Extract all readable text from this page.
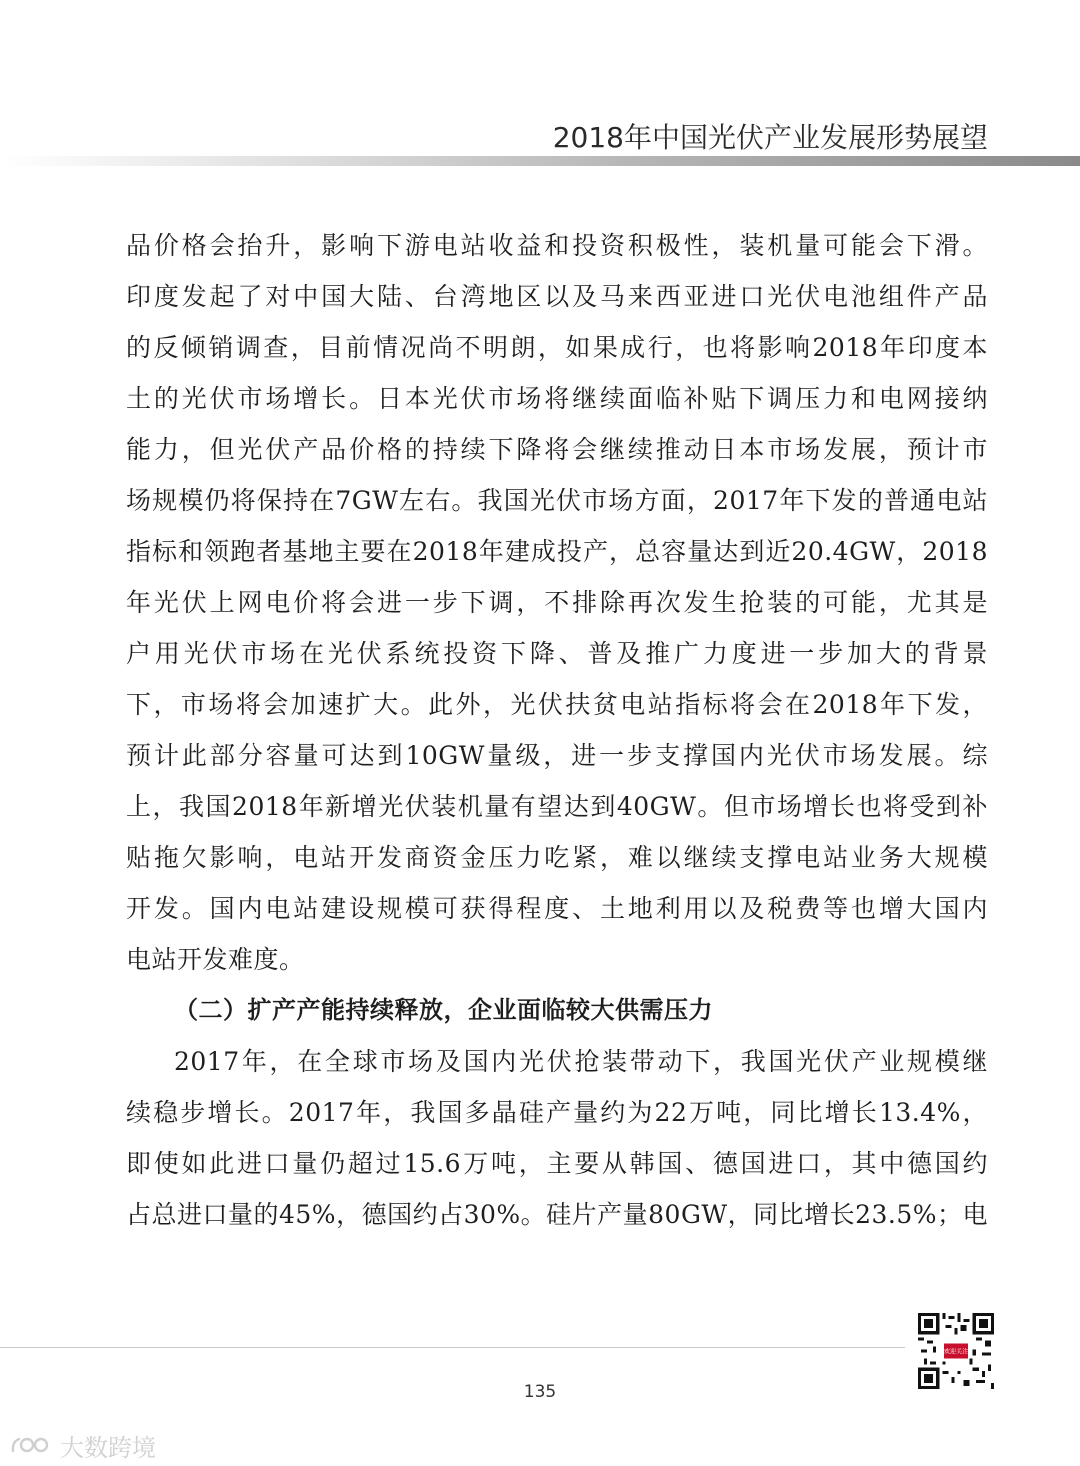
2018年中国光伏产业发展形势展望
品价格会抬升，影响下游电站收益和投资积极性，装机量可能会下滑。
印度发起了对中国大陆、台湾地区以及马来西亚进口光伏电池组件产品
的反倾销调查，目前情况尚不明朗，如果成行，也将影响2018年印度本
土的光伏市场增长。日本光伏市场将继续面临补贴下调压力和电网接纳
能力，但光伏产品价格的持续下降将会继续推动日本市场发展，预计市
场规模仍将保持在7GW左右。我国光伏市场方面，2017年下发的普通电站
指标和领跑者基地主要在2018年建成投产，总容量达到近20.4GW，2018
年光伏上网电价将会进一步下调，不排除再次发生抢装的可能，尤其是
户用光伏市场在光伏系统投资下降、普及推广力度进一步加大的背景
下，市场将会加速扩大。此外，光伏扶贫电站指标将会在2018年下发，
预计此部分容量可达到10GW量级，进一步支撑国内光伏市场发展。综
上，我国2018年新增光伏装机量有望达到40GW。但市场增长也将受到补
贴拖欠影响，电站开发商资金压力吃紧，难以继续支撑电站业务大规模
开发。国内电站建设规模可获得程度、土地利用以及税费等也增大国内
电站开发难度。
（二）扩产产能持续释放，企业面临较大供需压力
2017年，在全球市场及国内光伏抢装带动下，我国光伏产业规模继
续稳步增长。2017年，我国多晶硅产量约为22万吨，同比增长13.4%，
即使如此进口量仍超过15.6万吨，主要从韩国、德国进口，其中德国约
占总进口量的45%，德国约占30%。硅片产量80GW，同比增长23.5%；电
欢迎关注
135
大数跨境
